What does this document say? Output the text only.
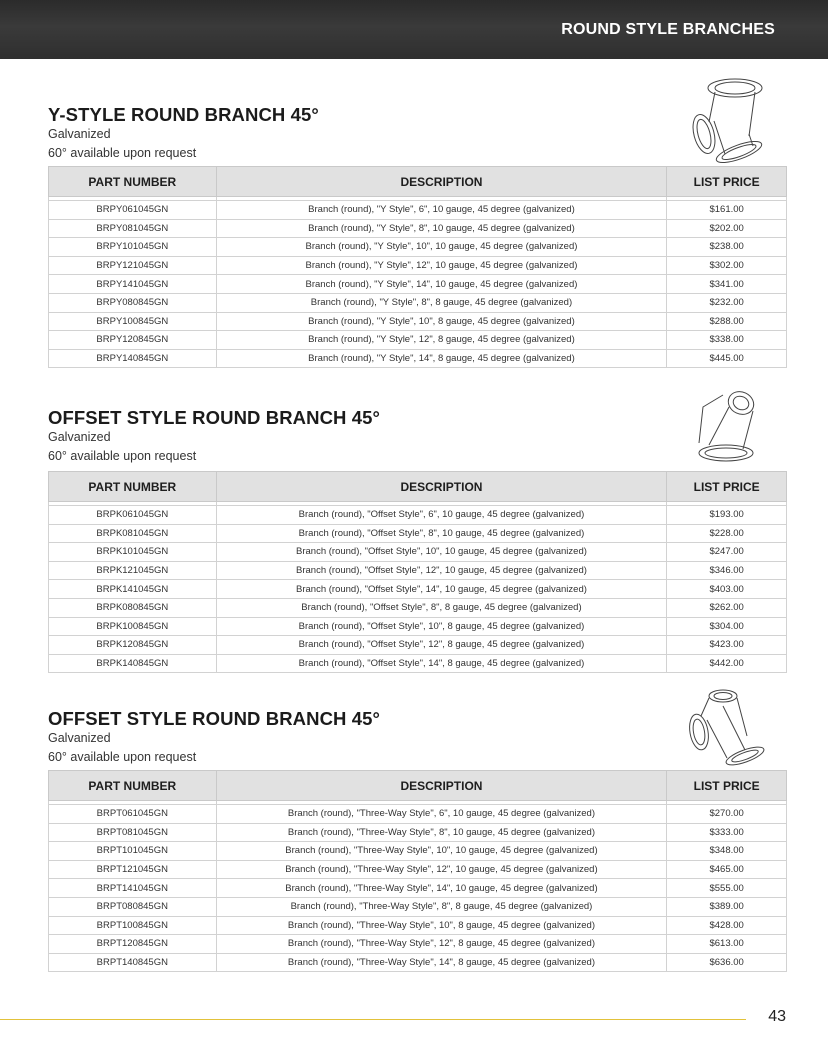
ROUND STYLE BRANCHES
Y-STYLE ROUND BRANCH 45°
Galvanized
60° available upon request
PART NUMBER	DESCRIPTION	LIST PRICE

BRPY061045GN	Branch (round), "Y Style", 6", 10 gauge, 45 degree (galvanized)	$161.00
BRPY081045GN	Branch (round), "Y Style", 8", 10 gauge, 45 degree (galvanized)	$202.00
BRPY101045GN	Branch (round), "Y Style", 10", 10 gauge, 45 degree (galvanized)	$238.00
BRPY121045GN	Branch (round), "Y Style", 12", 10 gauge, 45 degree (galvanized)	$302.00
BRPY141045GN	Branch (round), "Y Style", 14", 10 gauge, 45 degree (galvanized)	$341.00
BRPY080845GN	Branch (round), "Y Style", 8", 8 gauge, 45 degree (galvanized)	$232.00
BRPY100845GN	Branch (round), "Y Style", 10", 8 gauge, 45 degree (galvanized)	$288.00
BRPY120845GN	Branch (round), "Y Style", 12", 8 gauge, 45 degree (galvanized)	$338.00
BRPY140845GN	Branch (round), "Y Style", 14", 8 gauge, 45 degree (galvanized)	$445.00
OFFSET STYLE ROUND BRANCH 45°
Galvanized
60° available upon request
PART NUMBER	DESCRIPTION	LIST PRICE

BRPK061045GN	Branch (round), "Offset Style", 6", 10 gauge, 45 degree (galvanized)	$193.00
BRPK081045GN	Branch (round), "Offset Style", 8", 10 gauge, 45 degree (galvanized)	$228.00
BRPK101045GN	Branch (round), "Offset Style", 10", 10 gauge, 45 degree (galvanized)	$247.00
BRPK121045GN	Branch (round), "Offset Style", 12", 10 gauge, 45 degree (galvanized)	$346.00
BRPK141045GN	Branch (round), "Offset Style", 14", 10 gauge, 45 degree (galvanized)	$403.00
BRPK080845GN	Branch (round), "Offset Style", 8", 8 gauge, 45 degree (galvanized)	$262.00
BRPK100845GN	Branch (round), "Offset Style", 10", 8 gauge, 45 degree (galvanized)	$304.00
BRPK120845GN	Branch (round), "Offset Style", 12", 8 gauge, 45 degree (galvanized)	$423.00
BRPK140845GN	Branch (round), "Offset Style", 14", 8 gauge, 45 degree (galvanized)	$442.00
OFFSET STYLE ROUND BRANCH 45°
Galvanized
60° available upon request
PART NUMBER	DESCRIPTION	LIST PRICE

BRPT061045GN	Branch (round), "Three-Way Style", 6", 10 gauge, 45 degree (galvanized)	$270.00
BRPT081045GN	Branch (round), "Three-Way Style", 8", 10 gauge, 45 degree (galvanized)	$333.00
BRPT101045GN	Branch (round), "Three-Way Style", 10", 10 gauge, 45 degree (galvanized)	$348.00
BRPT121045GN	Branch (round), "Three-Way Style", 12", 10 gauge, 45 degree (galvanized)	$465.00
BRPT141045GN	Branch (round), "Three-Way Style", 14", 10 gauge, 45 degree (galvanized)	$555.00
BRPT080845GN	Branch (round), "Three-Way Style", 8", 8 gauge, 45 degree (galvanized)	$389.00
BRPT100845GN	Branch (round), "Three-Way Style", 10", 8 gauge, 45 degree (galvanized)	$428.00
BRPT120845GN	Branch (round), "Three-Way Style", 12", 8 gauge, 45 degree (galvanized)	$613.00
BRPT140845GN	Branch (round), "Three-Way Style", 14", 8 gauge, 45 degree (galvanized)	$636.00
43
